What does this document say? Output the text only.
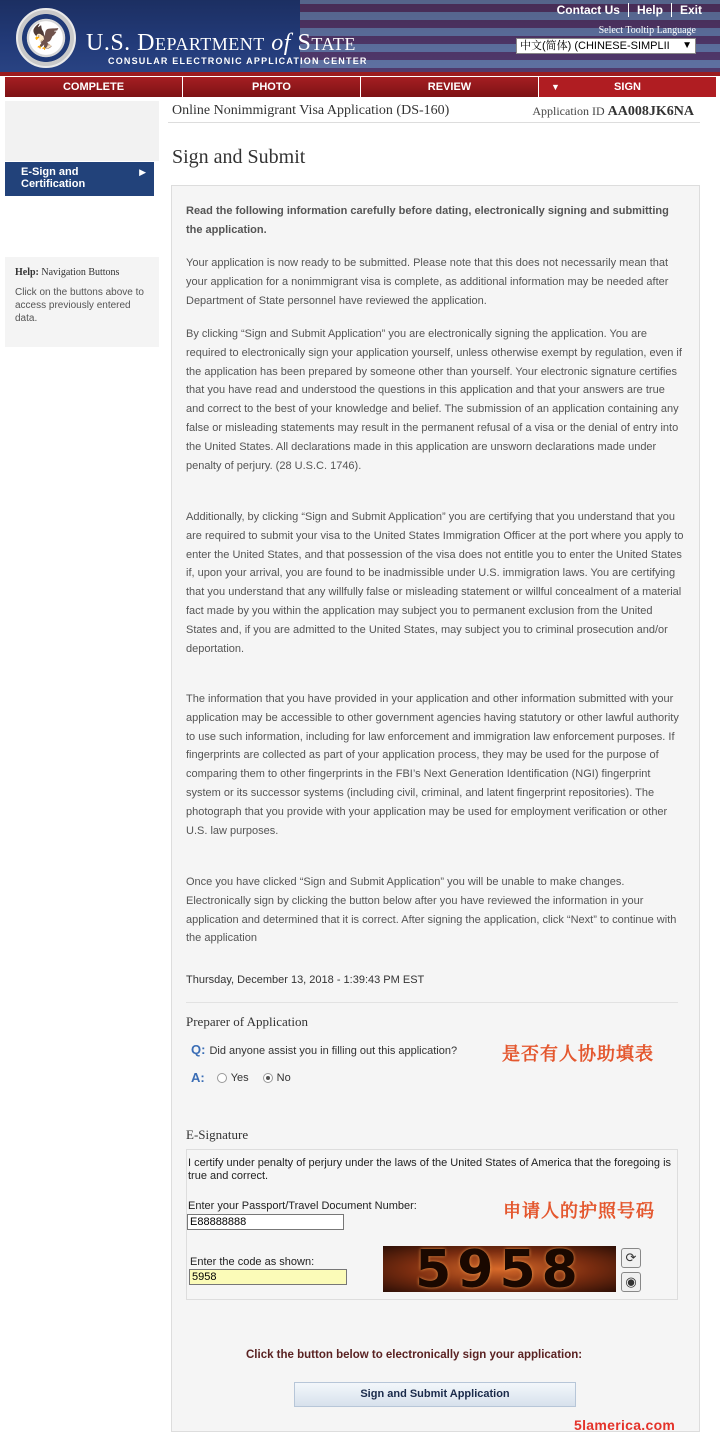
🦅 U.S. DEPARTMENT of STATE
CONSULAR ELECTRONIC APPLICATION CENTER
Contact Us	Help	Exit
Select Tooltip Language
中文(简体) (CHINESE-SIMPLII ▼
COMPLETE	PHOTO	REVIEW	▼	SIGN
E-Sign and Certification
▶
Help: Navigation Buttons
Click on the buttons above to access previously entered data.
Online Nonimmigrant Visa Application (DS-160)	Application ID AA008JK6NA
Sign and Submit
Read the following information carefully before dating, electronically signing and submitting the application.
Your application is now ready to be submitted. Please note that this does not necessarily mean that your application for a nonimmigrant visa is complete, as additional information may be needed after Department of State personnel have reviewed the application.
By clicking “Sign and Submit Application” you are electronically signing the application. You are required to electronically sign your application yourself, unless otherwise exempt by regulation, even if the application has been prepared by someone other than yourself. Your electronic signature certifies that you have read and understood the questions in this application and that your answers are true and correct to the best of your knowledge and belief. The submission of an application containing any false or misleading statements may result in the permanent refusal of a visa or the denial of entry into the United States. All declarations made in this application are unsworn declarations made under penalty of perjury. (28 U.S.C. 1746).
Additionally, by clicking “Sign and Submit Application” you are certifying that you understand that you are required to submit your visa to the United States Immigration Officer at the port where you apply to enter the United States, and that possession of the visa does not entitle you to enter the United States if, upon your arrival, you are found to be inadmissible under U.S. immigration laws. You are certifying that you understand that any willfully false or misleading statement or willful concealment of a material fact made by you within the application may subject you to permanent exclusion from the United States and, if you are admitted to the United States, may subject you to criminal prosecution and/or deportation.
The information that you have provided in your application and other information submitted with your application may be accessible to other government agencies having statutory or other lawful authority to use such information, including for law enforcement and immigration law enforcement purposes. If fingerprints are collected as part of your application process, they may be used for the purpose of comparing them to other fingerprints in the FBI’s Next Generation Identification (NGI) fingerprint system or its successor systems (including civil, criminal, and latent fingerprint repositories). The photograph that you provide with your application may be used for employment verification or other U.S. law purposes.
Once you have clicked “Sign and Submit Application” you will be unable to make changes. Electronically sign by clicking the button below after you have reviewed the information in your application and determined that it is correct. After signing the application, click “Next” to continue with the application
Thursday, December 13, 2018 - 1:39:43 PM EST
Preparer of Application
Q: Did anyone assist you in filling out this application?
A: Yes	No
是否有人协助填表
E-Signature
I certify under penalty of perjury under the laws of the United States of America that the foregoing is true and correct.
Enter your Passport/Travel Document Number:
E88888888
申请人的护照号码
Enter the code as shown:
5958	5958	⟳
◉
Click the button below to electronically sign your application:
Sign and Submit Application
5lamerica.com
